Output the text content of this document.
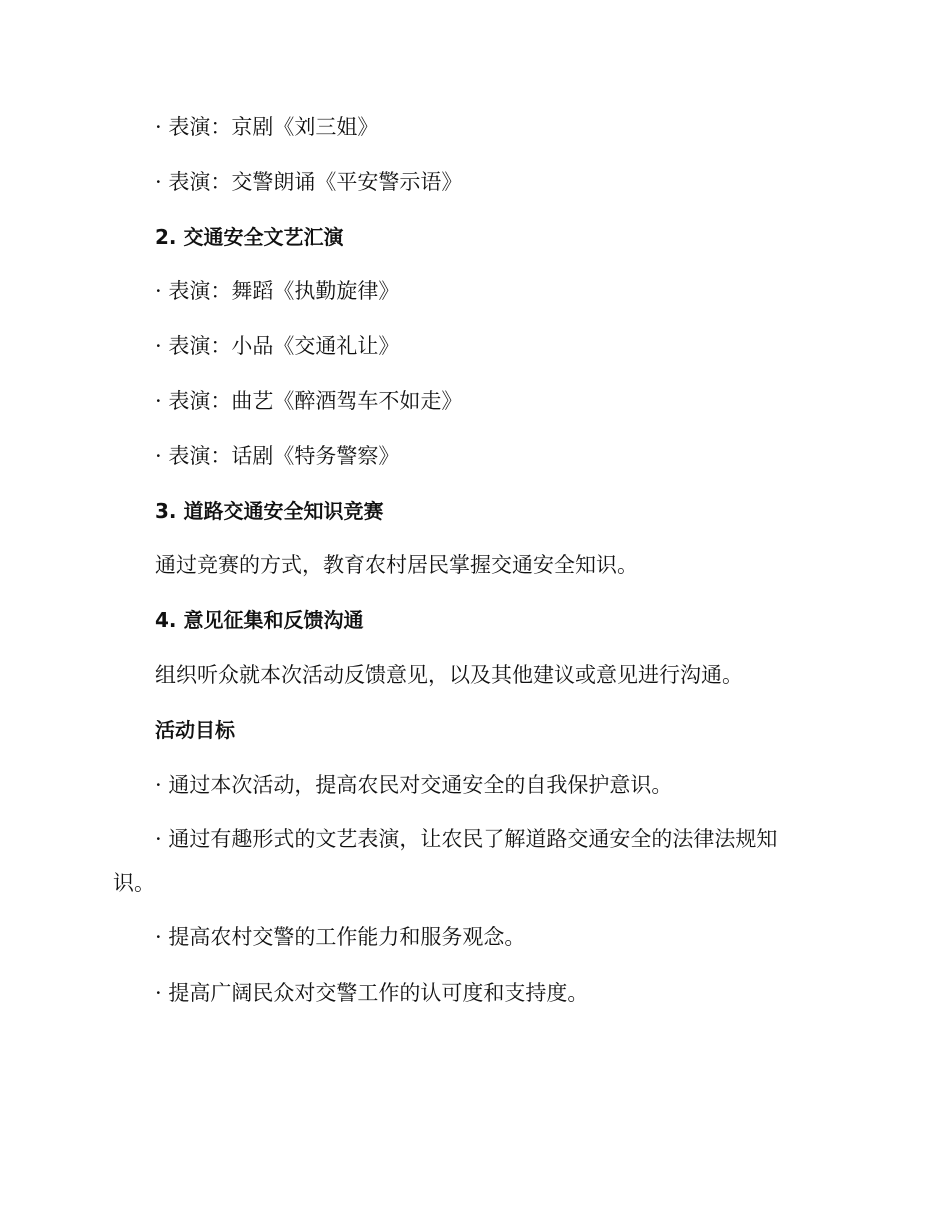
· 表演：京剧《刘三姐》
· 表演：交警朗诵《平安警示语》
2. 交通安全文艺汇演
· 表演：舞蹈《执勤旋律》
· 表演：小品《交通礼让》
· 表演：曲艺《醉酒驾车不如走》
· 表演：话剧《特务警察》
3. 道路交通安全知识竞赛
通过竞赛的方式，教育农村居民掌握交通安全知识。
4. 意见征集和反馈沟通
组织听众就本次活动反馈意见，以及其他建议或意见进行沟通。
活动目标
· 通过本次活动，提高农民对交通安全的自我保护意识。
· 通过有趣形式的文艺表演，让农民了解道路交通安全的法律法规知
识。
· 提高农村交警的工作能力和服务观念。
· 提高广阔民众对交警工作的认可度和支持度。
